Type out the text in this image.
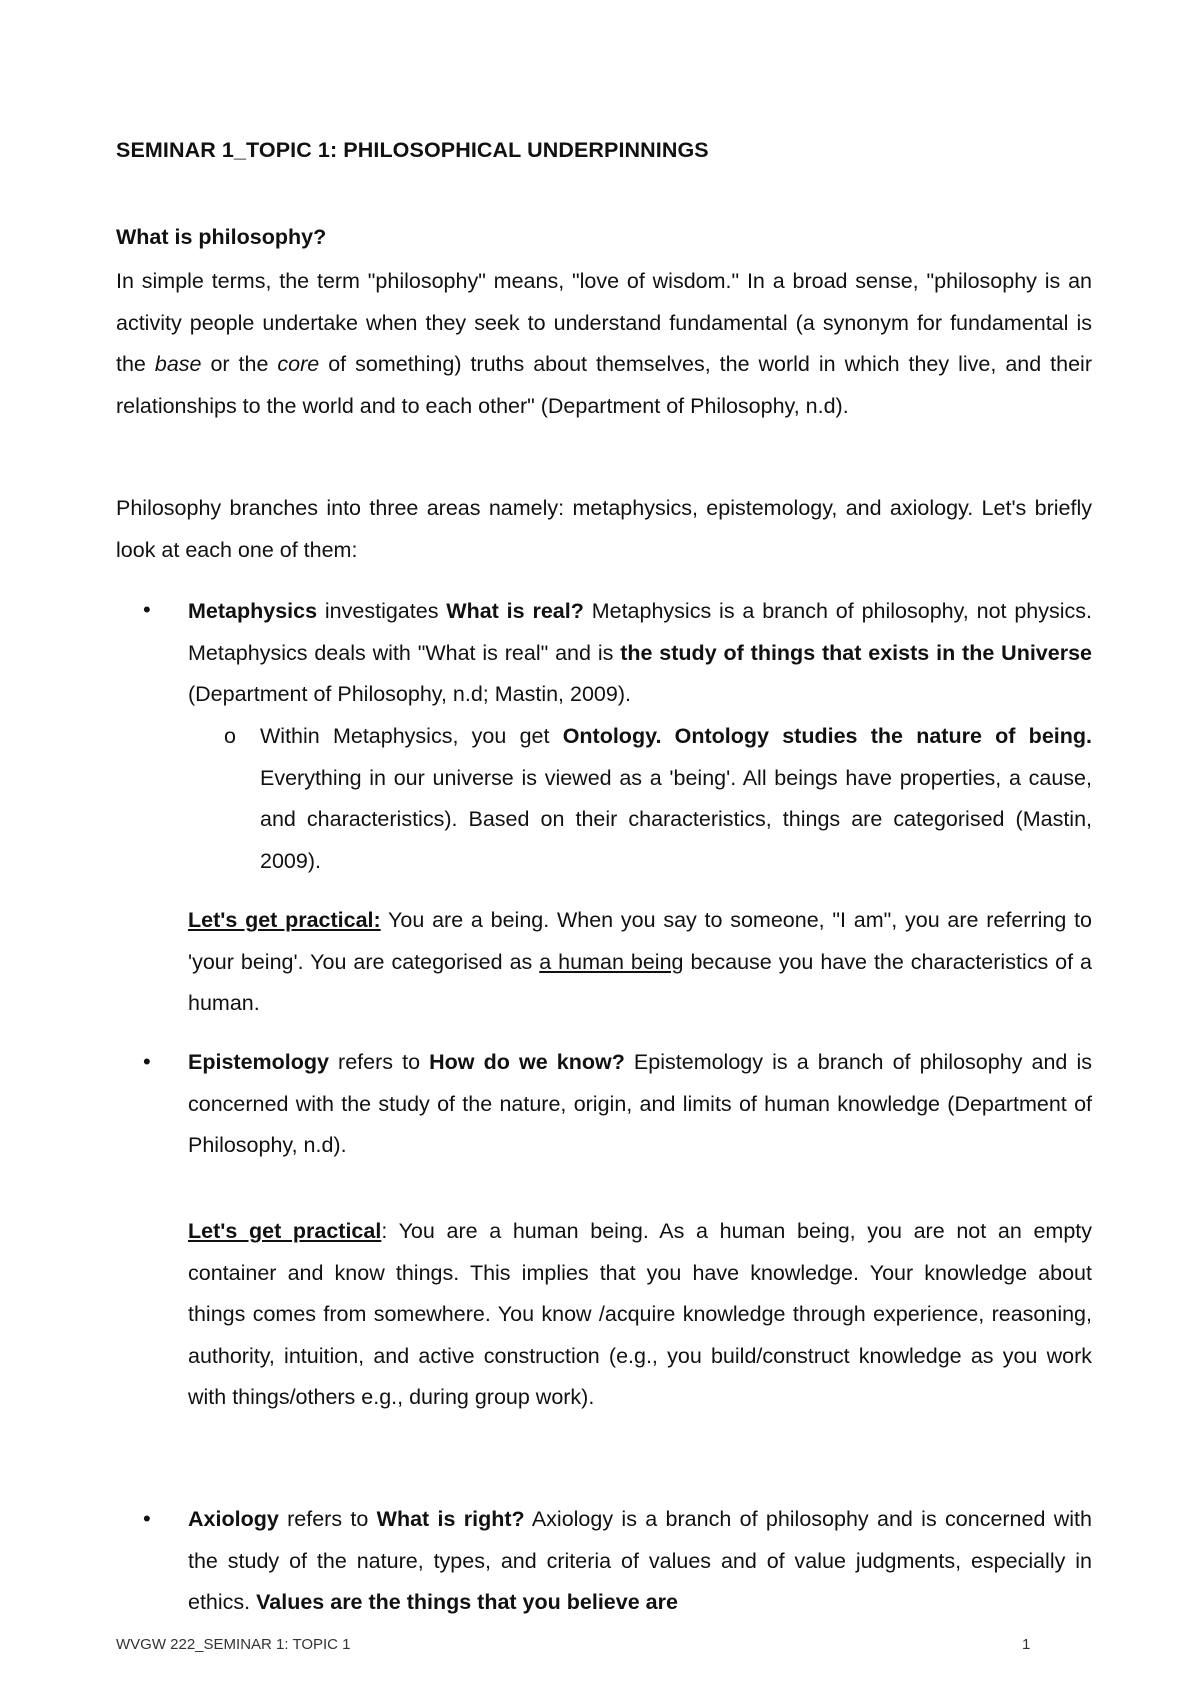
SEMINAR 1_TOPIC 1: PHILOSOPHICAL UNDERPINNINGS
What is philosophy?

In simple terms, the term "philosophy" means, "love of wisdom." In a broad sense, "philosophy is an activity people undertake when they seek to understand fundamental (a synonym for fundamental is the base or the core of something) truths about themselves, the world in which they live, and their relationships to the world and to each other" (Department of Philosophy, n.d).

Philosophy branches into three areas namely: metaphysics, epistemology, and axiology. Let's briefly look at each one of them:

• Metaphysics investigates What is real? Metaphysics is a branch of philosophy, not physics. Metaphysics deals with "What is real" and is the study of things that exists in the Universe (Department of Philosophy, n.d; Mastin, 2009).

o Within Metaphysics, you get Ontology. Ontology studies the nature of being. Everything in our universe is viewed as a 'being'. All beings have properties, a cause, and characteristics). Based on their characteristics, things are categorised (Mastin, 2009).

Let's get practical: You are a being. When you say to someone, "I am", you are referring to 'your being'. You are categorised as a human being because you have the characteristics of a human.

• Epistemology refers to How do we know? Epistemology is a branch of philosophy and is concerned with the study of the nature, origin, and limits of human knowledge (Department of Philosophy, n.d).

Let's get practical: You are a human being. As a human being, you are not an empty container and know things. This implies that you have knowledge. Your knowledge about things comes from somewhere. You know /acquire knowledge through experience, reasoning, authority, intuition, and active construction (e.g., you build/construct knowledge as you work with things/others e.g., during group work).

• Axiology refers to What is right? Axiology is a branch of philosophy and is concerned with the study of the nature, types, and criteria of values and of value judgments, especially in ethics. Values are the things that you believe are

WVGW 222_SEMINAR 1: TOPIC 1	1
